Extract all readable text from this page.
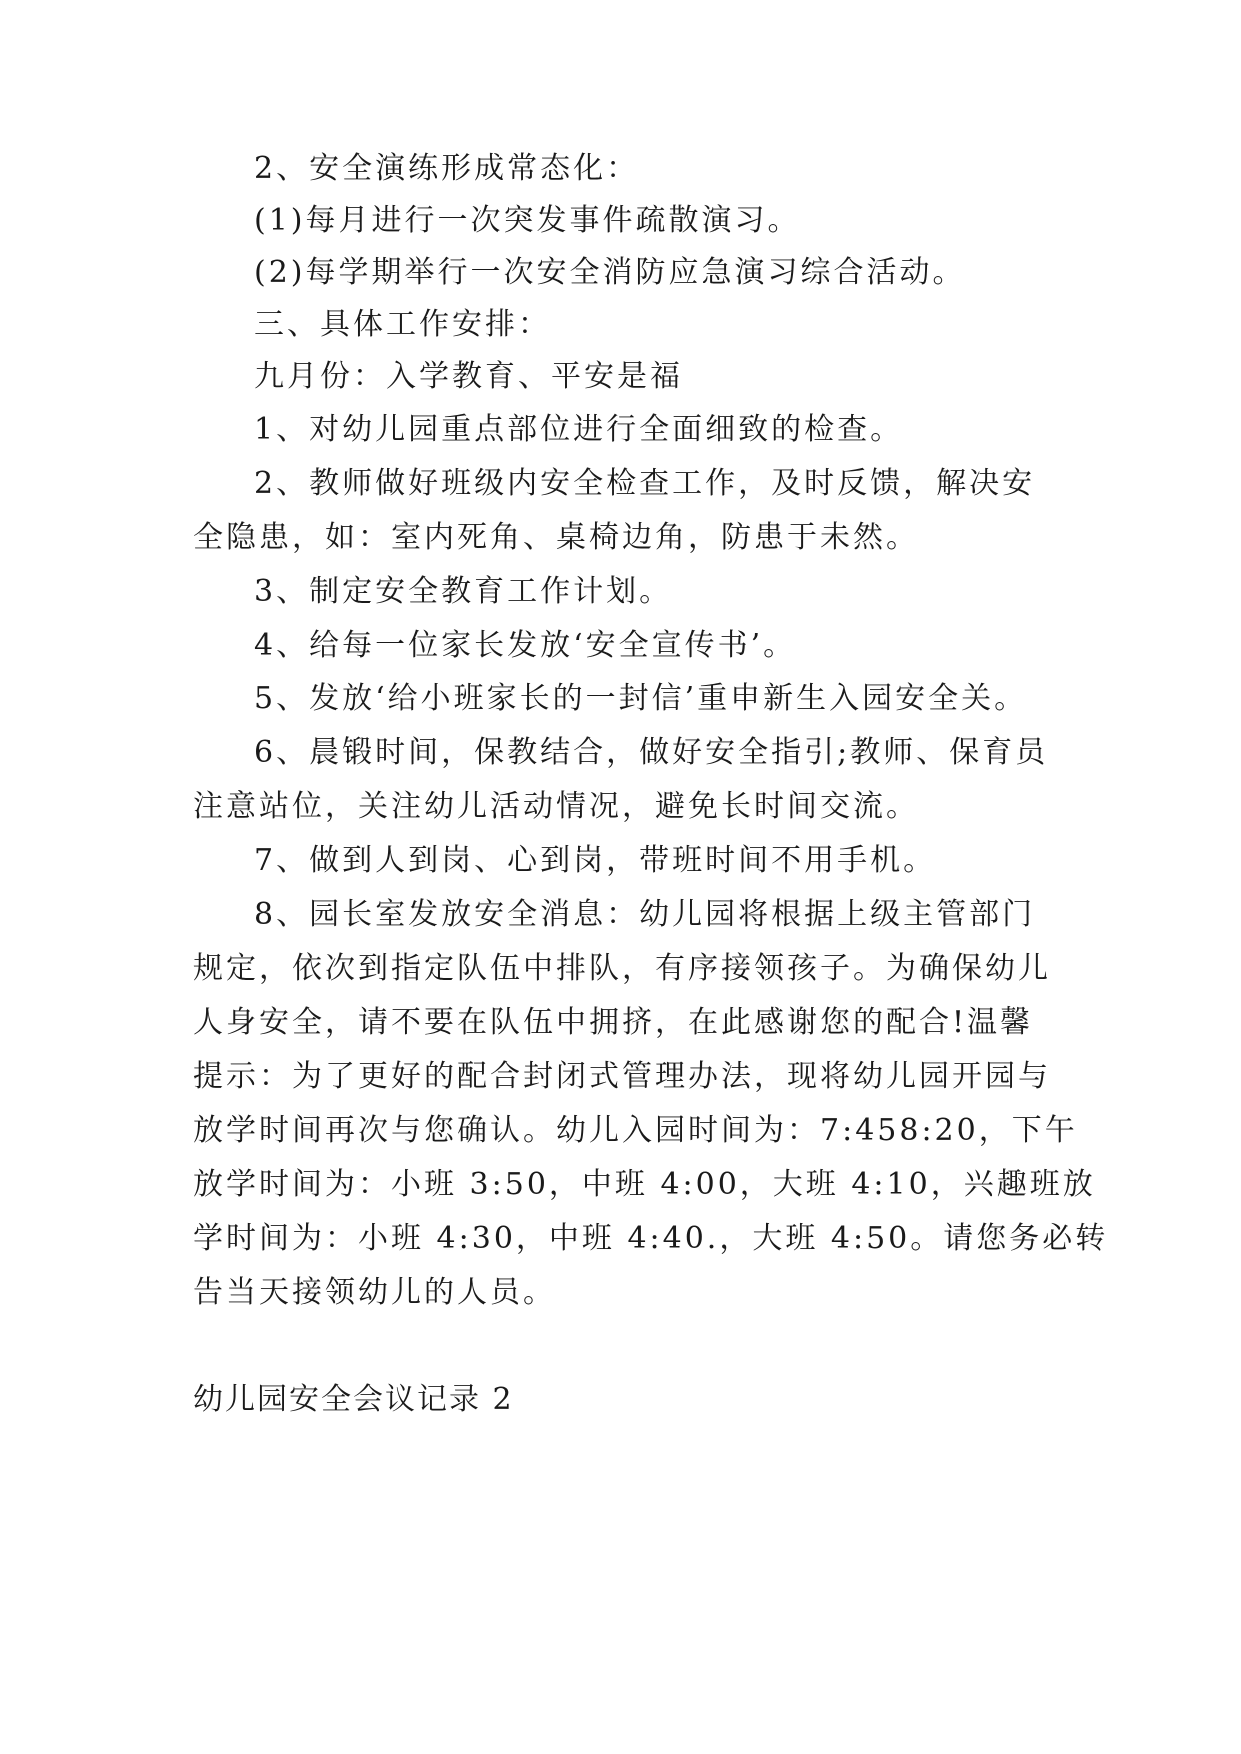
2、安全演练形成常态化：

(1)每月进行一次突发事件疏散演习。

(2)每学期举行一次安全消防应急演习综合活动。

三、具体工作安排：

九月份：入学教育、平安是福

1、对幼儿园重点部位进行全面细致的检查。

2、教师做好班级内安全检查工作，及时反馈，解决安

全隐患，如：室内死角、桌椅边角，防患于未然。

3、制定安全教育工作计划。

4、给每一位家长发放‘安全宣传书’。

5、发放‘给小班家长的一封信’重申新生入园安全关。

6、晨锻时间，保教结合，做好安全指引;教师、保育员

注意站位，关注幼儿活动情况，避免长时间交流。

7、做到人到岗、心到岗，带班时间不用手机。

8、园长室发放安全消息：幼儿园将根据上级主管部门

规定，依次到指定队伍中排队，有序接领孩子。为确保幼儿

人身安全，请不要在队伍中拥挤，在此感谢您的配合!温馨

提示：为了更好的配合封闭式管理办法，现将幼儿园开园与

放学时间再次与您确认。幼儿入园时间为：7:458:20，下午

放学时间为：小班 3:50，中班 4:00，大班 4:10，兴趣班放

学时间为：小班 4:30，中班 4:40.，大班 4:50。请您务必转

告当天接领幼儿的人员。

幼儿园安全会议记录 2
